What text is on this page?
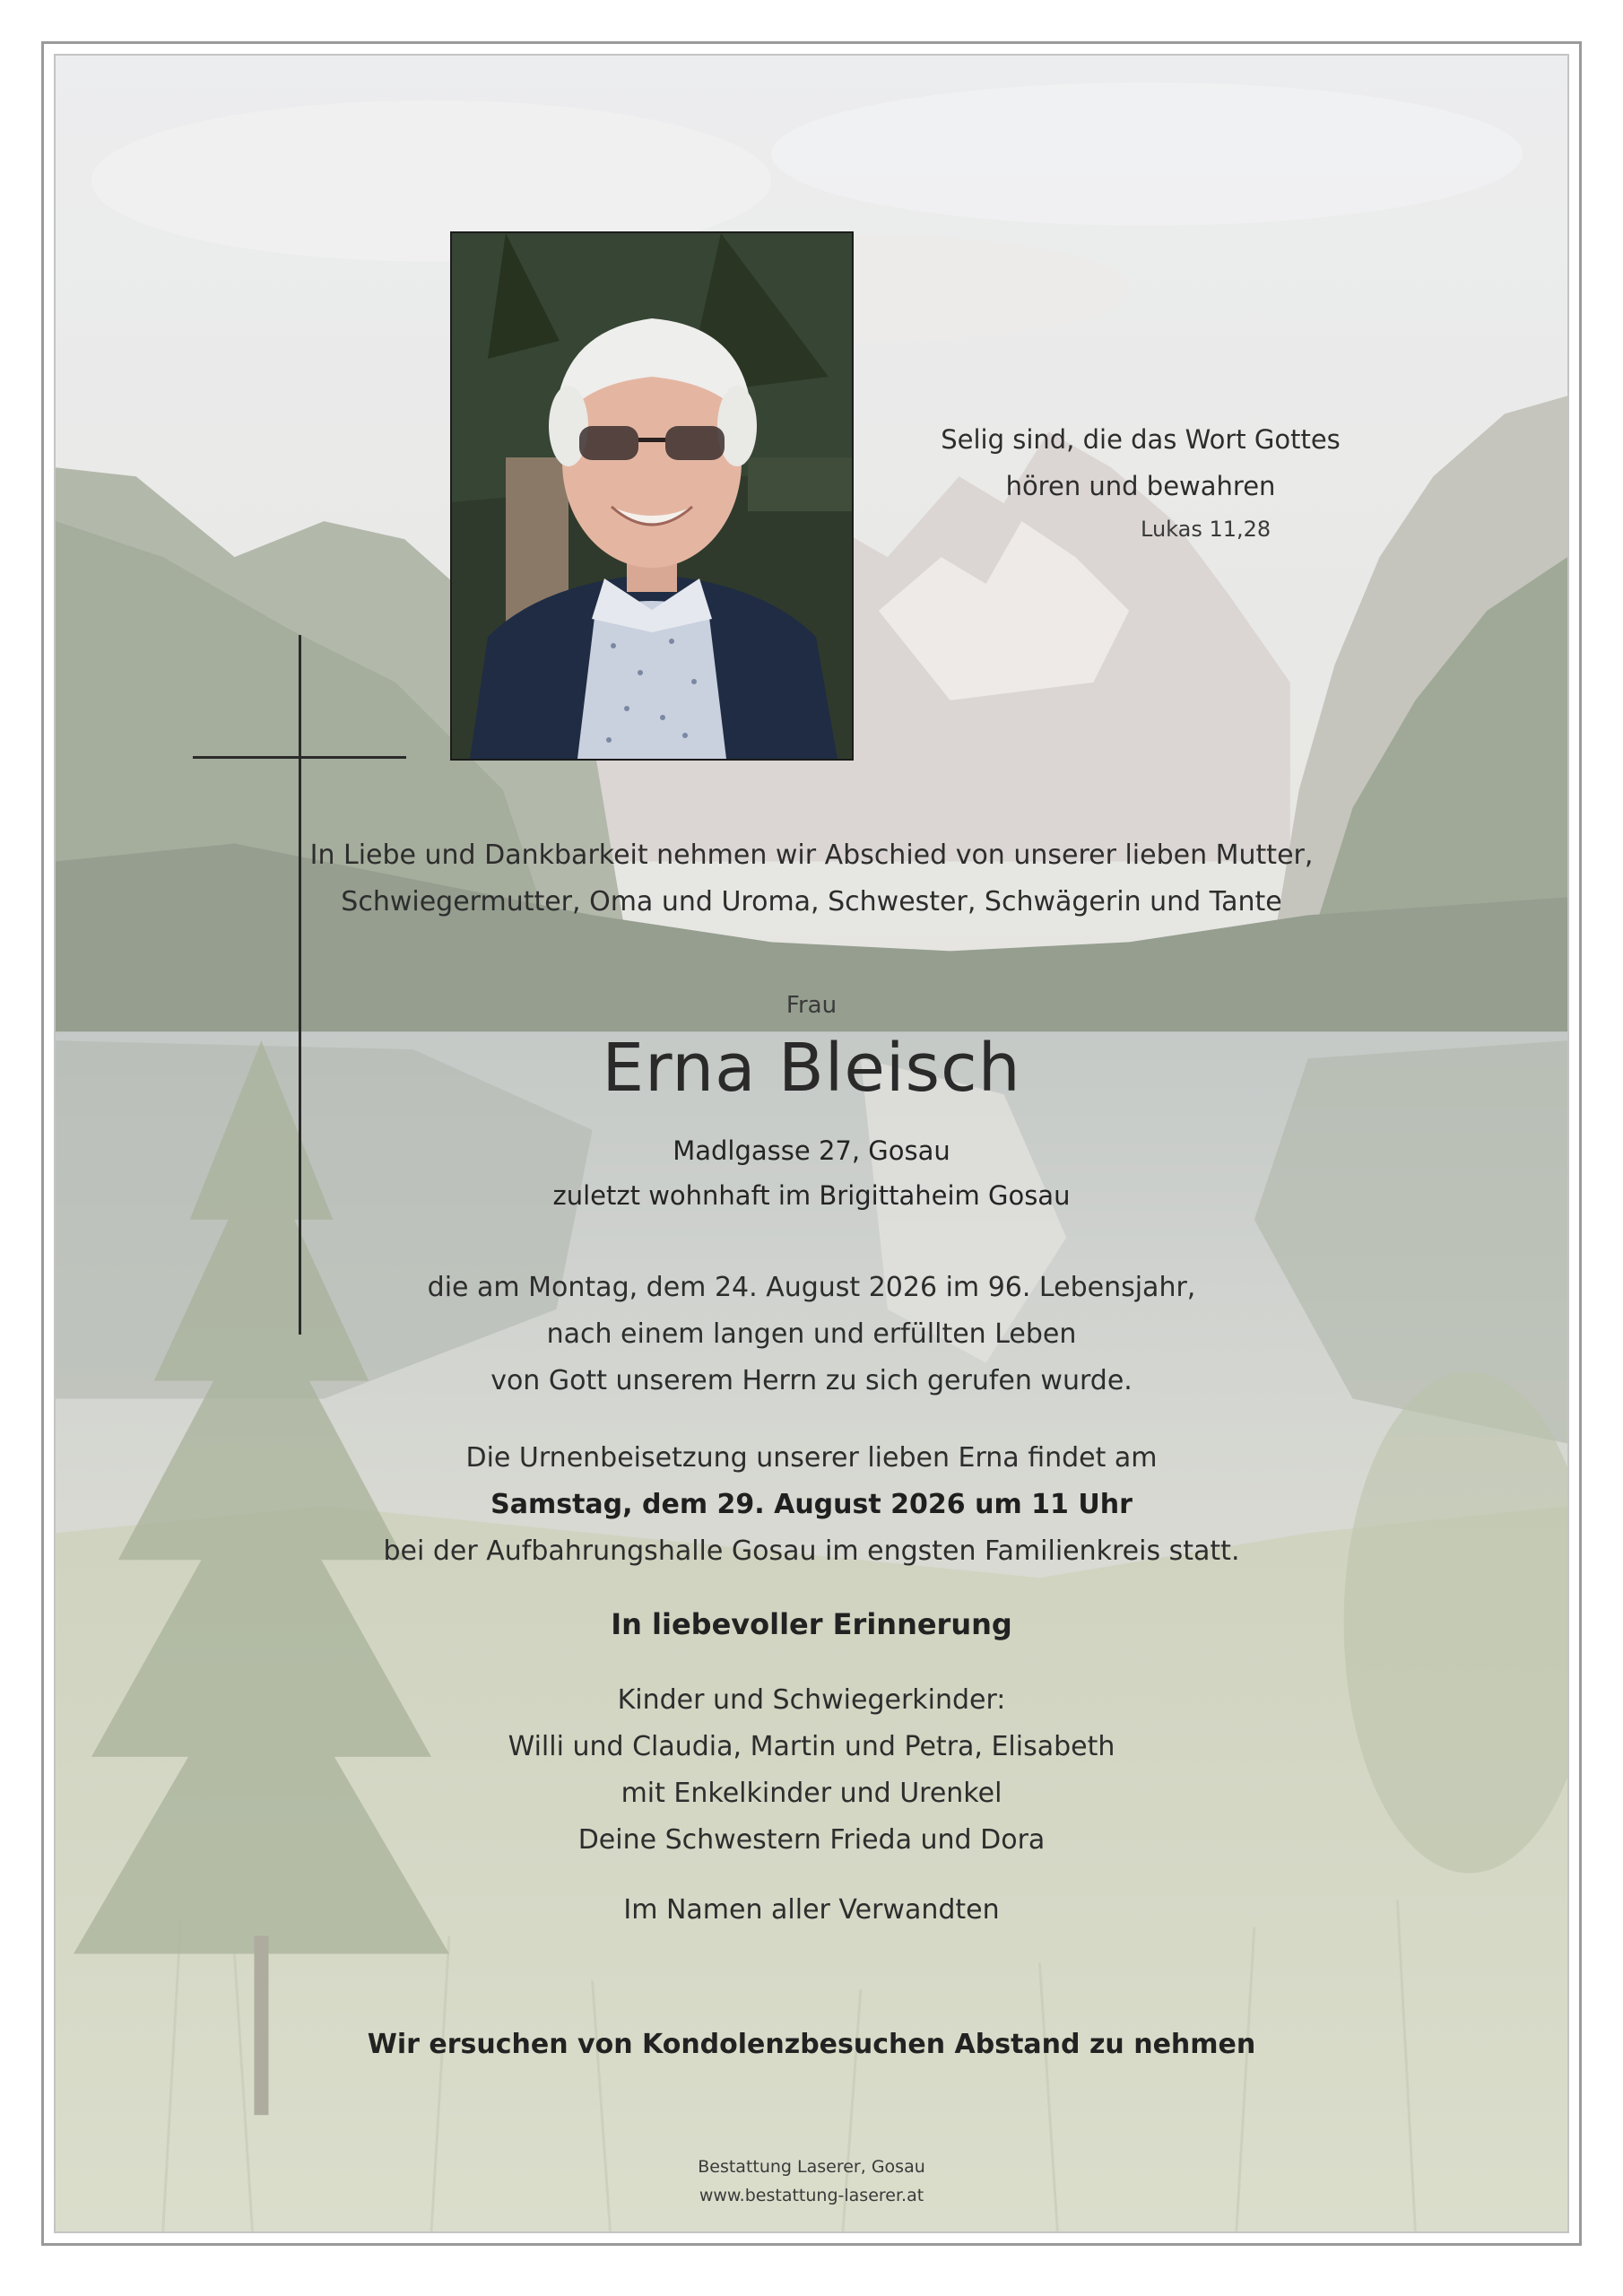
Selig sind, die das Wort Gottes
hören und bewahren
Lukas 11,28
In Liebe und Dankbarkeit nehmen wir Abschied von unserer lieben Mutter,
Schwiegermutter, Oma und Uroma, Schwester, Schwägerin und Tante
Frau
Erna Bleisch
Madlgasse 27, Gosau
zuletzt wohnhaft im Brigittaheim Gosau
die am Montag, dem 24. August 2026 im 96. Lebensjahr,
nach einem langen und erfüllten Leben
von Gott unserem Herrn zu sich gerufen wurde.
Die Urnenbeisetzung unserer lieben Erna findet am
Samstag, dem 29. August 2026 um 11 Uhr
bei der Aufbahrungshalle Gosau im engsten Familienkreis statt.
In liebevoller Erinnerung
Kinder und Schwiegerkinder:
Willi und Claudia, Martin und Petra, Elisabeth
mit Enkelkinder und Urenkel
Deine Schwestern Frieda und Dora
Im Namen aller Verwandten
Wir ersuchen von Kondolenzbesuchen Abstand zu nehmen
Bestattung Laserer, Gosau
www.bestattung-laserer.at
